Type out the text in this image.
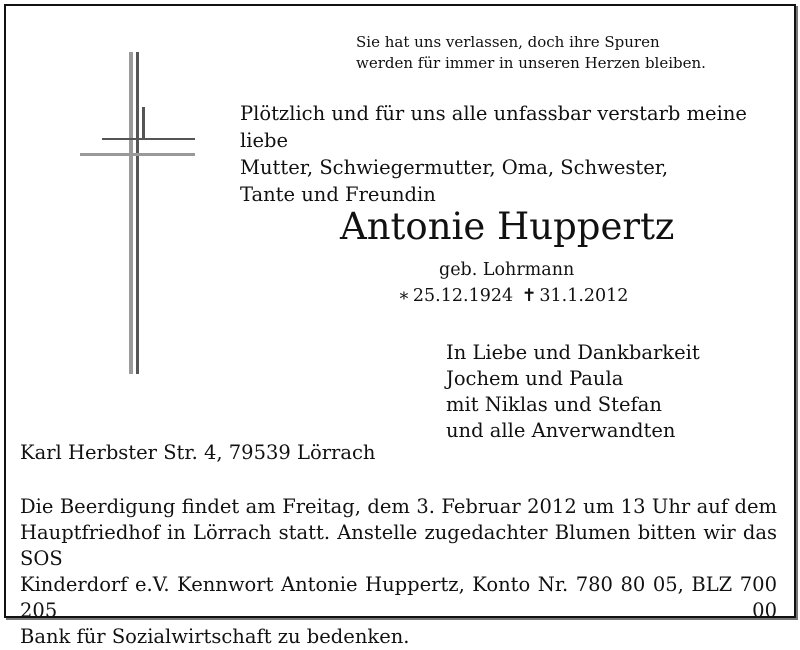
Sie hat uns verlassen, doch ihre Spuren
werden für immer in unseren Herzen bleiben.
Plötzlich und für uns alle unfassbar verstarb meine liebe
Mutter, Schwiegermutter, Oma, Schwester,
Tante und Freundin
Antonie Huppertz
geb. Lohrmann
∗ 25.12.1924 ✝ 31.1.2012
In Liebe und Dankbarkeit
Jochem und Paula
mit Niklas und Stefan
und alle Anverwandten
Karl Herbster Str. 4, 79539 Lörrach
Die Beerdigung findet am Freitag, dem 3. Februar 2012 um 13 Uhr auf dem
Hauptfriedhof in Lörrach statt. Anstelle zugedachter Blumen bitten wir das SOS
Kinderdorf e.V. Kennwort Antonie Huppertz, Konto Nr. 780 80 05, BLZ 700 205 00
Bank für Sozialwirtschaft zu bedenken.
